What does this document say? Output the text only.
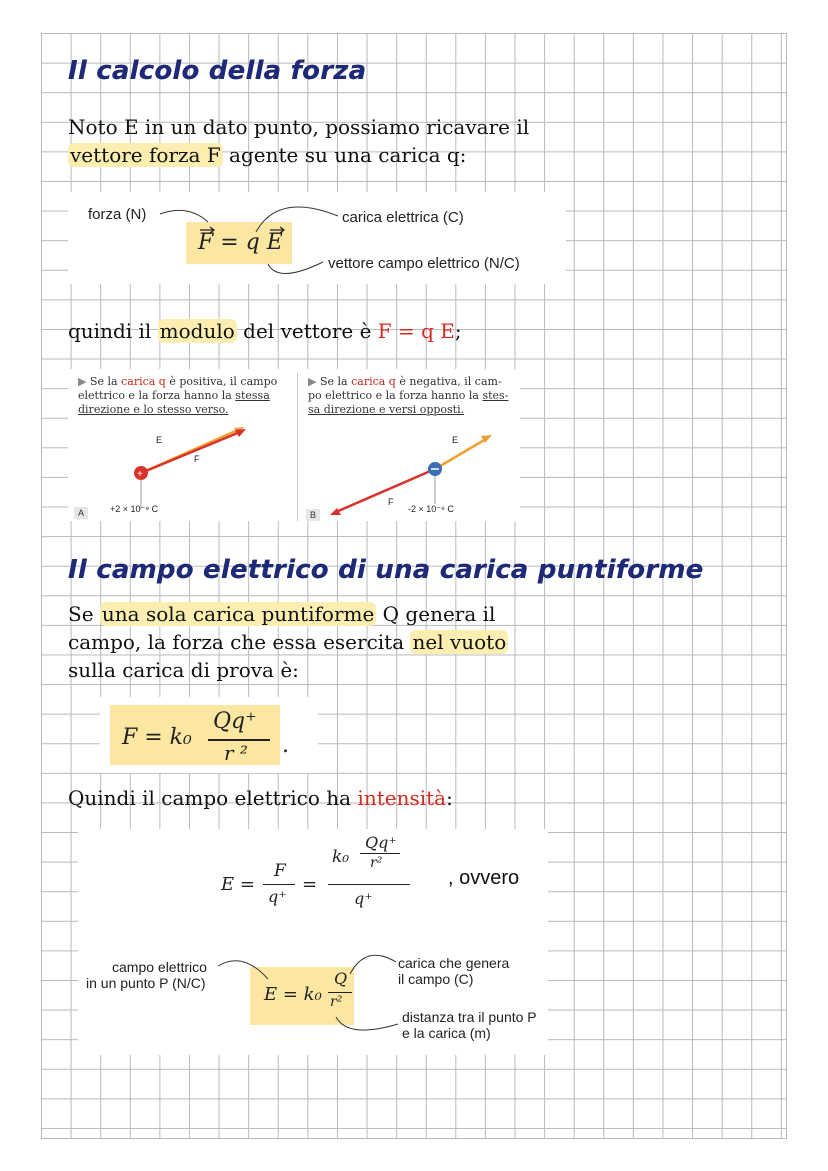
Il calcolo della forza
Noto E in un dato punto, possiamo ricavare il
vettore forza F agente su una carica q:
forza (N)
F = q E
carica elettrica (C)
vettore campo elettrico (N/C)
quindi il modulo del vettore è F = q E;
▶ Se la carica q è positiva, il campo
elettrico e la forza hanno la stessa
direzione e lo stesso verso.
▶ Se la carica q è negativa, il cam-
po elettrico e la forza hanno la stes-
sa direzione e versi opposti.
+
E
F
+2 × 10⁻⁹ C
A
E
F
-2 × 10⁻⁹ C
B
Il campo elettrico di una carica puntiforme
Se una sola carica puntiforme Q genera il
campo, la forza che essa esercita nel vuoto
sulla carica di prova è:
F = k₀
Qq⁺
r ² .
Quindi il campo elettrico ha intensità:
E =
F
q⁺
=
k₀
Qq⁺
r²
q⁺
, ovvero
campo elettrico
in un punto P (N/C)
E = k₀
Q
r²
carica che genera
il campo (C)
distanza tra il punto P
e la carica (m)
